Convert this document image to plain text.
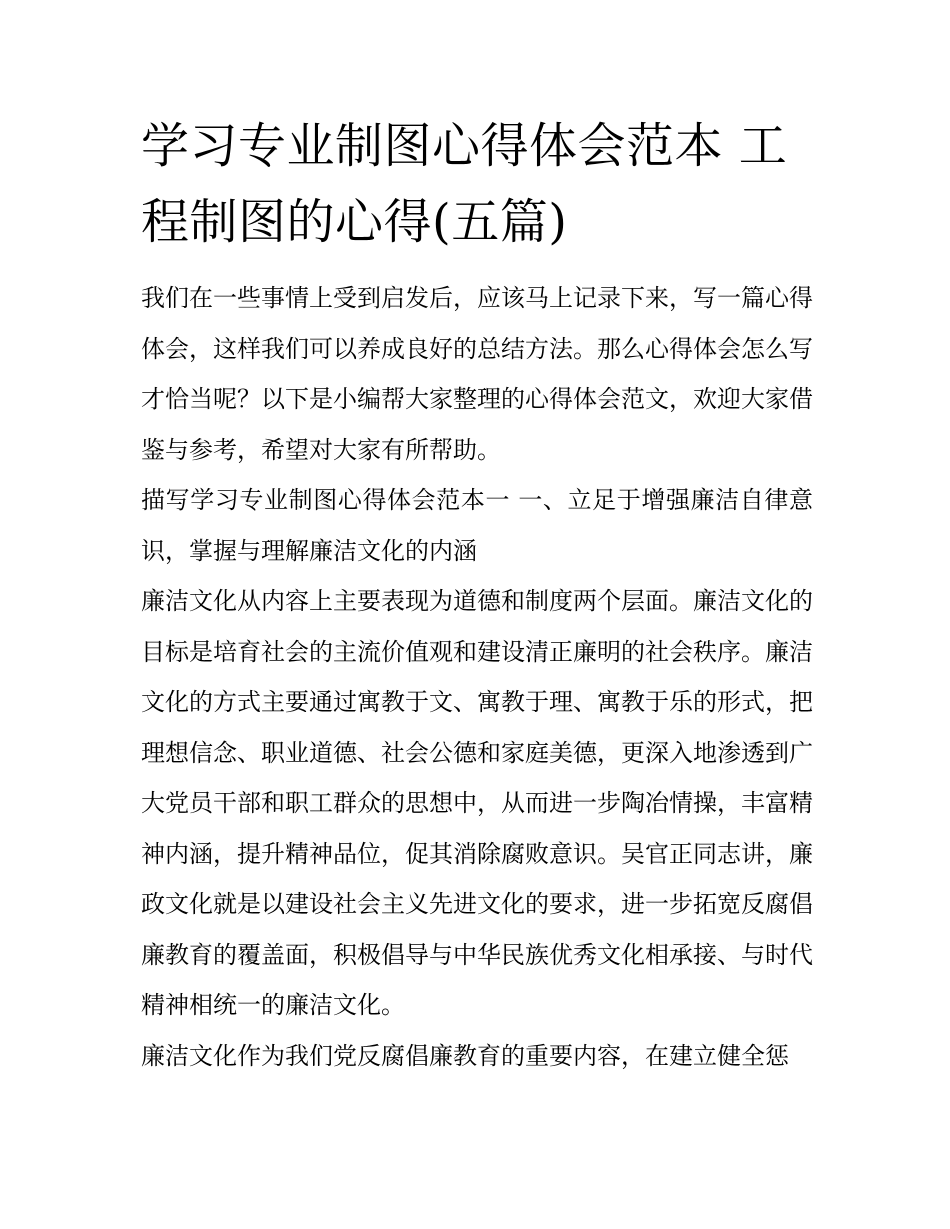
学习专业制图心得体会范本 工程制图的心得(五篇)

我们在一些事情上受到启发后，应该马上记录下来，写一篇心得体会，这样我们可以养成良好的总结方法。那么心得体会怎么写才恰当呢？以下是小编帮大家整理的心得体会范文，欢迎大家借鉴与参考，希望对大家有所帮助。

描写学习专业制图心得体会范本一 一、立足于增强廉洁自律意识，掌握与理解廉洁文化的内涵

廉洁文化从内容上主要表现为道德和制度两个层面。廉洁文化的目标是培育社会的主流价值观和建设清正廉明的社会秩序。廉洁文化的方式主要通过寓教于文、寓教于理、寓教于乐的形式，把理想信念、职业道德、社会公德和家庭美德，更深入地渗透到广大党员干部和职工群众的思想中，从而进一步陶冶情操，丰富精神内涵，提升精神品位，促其消除腐败意识。吴官正同志讲，廉政文化就是以建设社会主义先进文化的要求，进一步拓宽反腐倡廉教育的覆盖面，积极倡导与中华民族优秀文化相承接、与时代精神相统一的廉洁文化。

廉洁文化作为我们党反腐倡廉教育的重要内容，在建立健全惩
